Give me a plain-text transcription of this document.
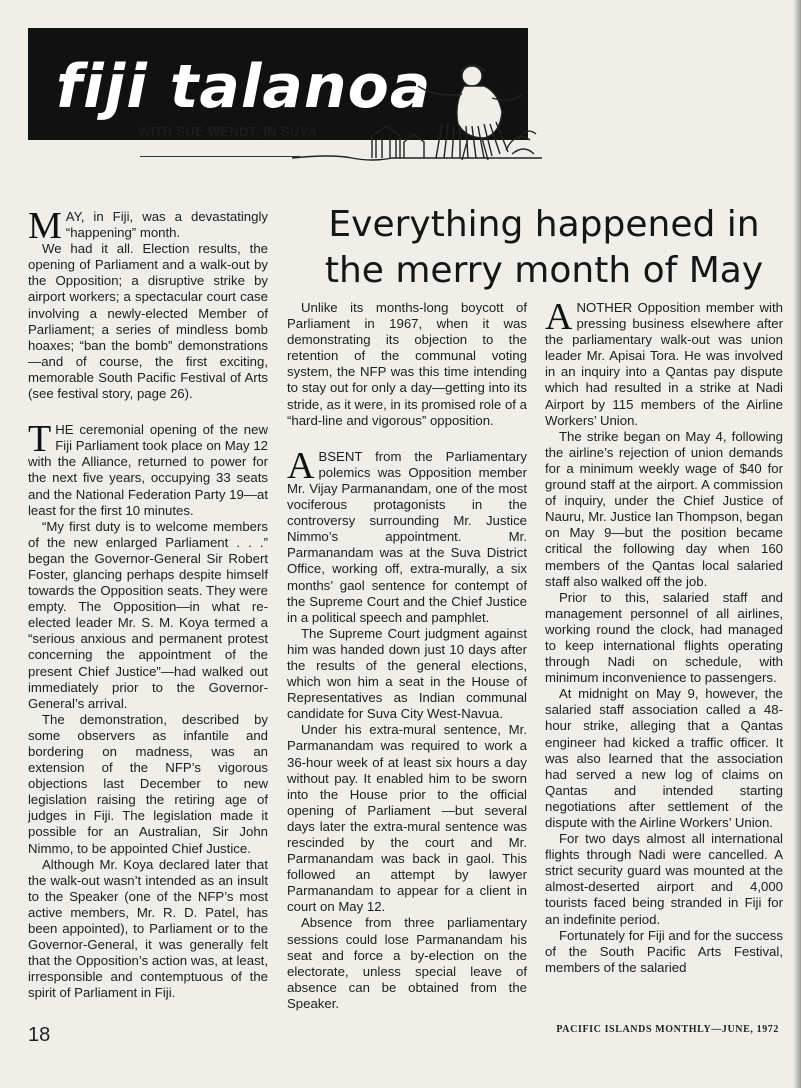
fiji talanoa
WITH SUE WENDT, IN SUVA
Everything happened in the merry month of May

MAY, in Fiji, was a devastatingly “happening” month.

We had it all. Election results, the opening of Parliament and a walk-out by the Opposition; a disruptive strike by airport workers; a spectacular court case involving a newly-elected Member of Parliament; a series of mindless bomb hoaxes; “ban the bomb” demonstrations—and of course, the first exciting, memorable South Pacific Festival of Arts (see festival story, page 26).

THE ceremonial opening of the new Fiji Parliament took place on May 12 with the Alliance, returned to power for the next five years, occupying 33 seats and the National Federation Party 19—at least for the first 10 minutes.

“My first duty is to welcome members of the new enlarged Parliament . . .” began the Governor-General Sir Robert Foster, glancing perhaps despite himself towards the Opposition seats. They were empty. The Opposition—in what re-elected leader Mr. S. M. Koya termed a “serious anxious and permanent protest concerning the appointment of the present Chief Justice”—had walked out immediately prior to the Governor-General’s arrival.

The demonstration, described by some observers as infantile and bordering on madness, was an extension of the NFP’s vigorous objections last December to new legislation raising the retiring age of judges in Fiji. The legislation made it possible for an Australian, Sir John Nimmo, to be appointed Chief Justice.

Although Mr. Koya declared later that the walk-out wasn’t intended as an insult to the Speaker (one of the NFP’s most active members, Mr. R. D. Patel, has been appointed), to Parliament or to the Governor-General, it was generally felt that the Opposition’s action was, at least, irresponsible and contemptuous of the spirit of Parliament in Fiji.

Unlike its months-long boycott of Parliament in 1967, when it was demonstrating its objection to the retention of the communal voting system, the NFP was this time intending to stay out for only a day—getting into its stride, as it were, in its promised role of a “hard-line and vigorous” opposition.

ABSENT from the Parliamentary polemics was Opposition member Mr. Vijay Parmanandam, one of the most vociferous protagonists in the controversy surrounding Mr. Justice Nimmo’s appointment. Mr. Parmanandam was at the Suva District Office, working off, extra-murally, a six months’ gaol sentence for contempt of the Supreme Court and the Chief Justice in a political speech and pamphlet.

The Supreme Court judgment against him was handed down just 10 days after the results of the general elections, which won him a seat in the House of Representatives as Indian communal candidate for Suva City West-Navua.

Under his extra-mural sentence, Mr. Parmanandam was required to work a 36-hour week of at least six hours a day without pay. It enabled him to be sworn into the House prior to the official opening of Parliament —but several days later the extra-mural sentence was rescinded by the court and Mr. Parmanandam was back in gaol. This followed an attempt by lawyer Parmanandam to appear for a client in court on May 12.

Absence from three parliamentary sessions could lose Parmanandam his seat and force a by-election on the electorate, unless special leave of absence can be obtained from the Speaker.

ANOTHER Opposition member with pressing business elsewhere after the parliamentary walk-out was union leader Mr. Apisai Tora. He was involved in an inquiry into a Qantas pay dispute which had resulted in a strike at Nadi Airport by 115 members of the Airline Workers’ Union.

The strike began on May 4, following the airline’s rejection of union demands for a minimum weekly wage of $40 for ground staff at the airport. A commission of inquiry, under the Chief Justice of Nauru, Mr. Justice Ian Thompson, began on May 9—but the position became critical the following day when 160 members of the Qantas local salaried staff also walked off the job.

Prior to this, salaried staff and management personnel of all airlines, working round the clock, had managed to keep international flights operating through Nadi on schedule, with minimum inconvenience to passengers.

At midnight on May 9, however, the salaried staff association called a 48-hour strike, alleging that a Qantas engineer had kicked a traffic officer. It was also learned that the association had served a new log of claims on Qantas and intended starting negotiations after settlement of the dispute with the Airline Workers’ Union.

For two days almost all international flights through Nadi were cancelled. A strict security guard was mounted at the almost-deserted airport and 4,000 tourists faced being stranded in Fiji for an indefinite period.

Fortunately for Fiji and for the success of the South Pacific Arts Festival, members of the salaried

18	PACIFIC ISLANDS MONTHLY—JUNE, 1972
